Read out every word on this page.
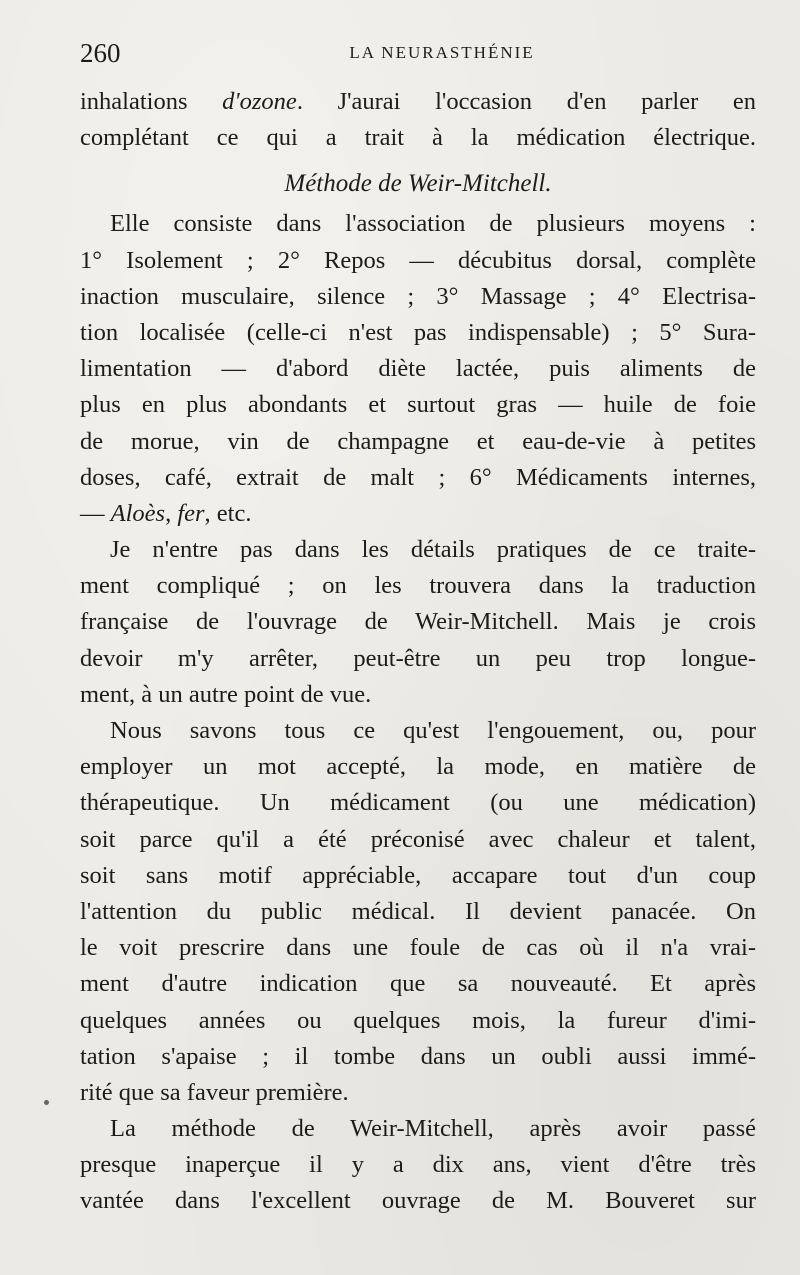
260	LA NEURASTHÉNIE
inhalations d'ozone. J'aurai l'occasion d'en parler en
complétant ce qui a trait à la médication électrique.
Méthode de Weir-Mitchell.
Elle consiste dans l'association de plusieurs moyens :
1° Isolement ; 2° Repos — décubitus dorsal, complète
inaction musculaire, silence ; 3° Massage ; 4° Electrisa-
tion localisée (celle-ci n'est pas indispensable) ; 5° Sura-
limentation — d'abord diète lactée, puis aliments de
plus en plus abondants et surtout gras — huile de foie
de morue, vin de champagne et eau-de-vie à petites
doses, café, extrait de malt ; 6° Médicaments internes,
— Aloès, fer, etc.
Je n'entre pas dans les détails pratiques de ce traite-
ment compliqué ; on les trouvera dans la traduction
française de l'ouvrage de Weir-Mitchell. Mais je crois
devoir m'y arrêter, peut-être un peu trop longue-
ment, à un autre point de vue.
Nous savons tous ce qu'est l'engouement, ou, pour
employer un mot accepté, la mode, en matière de
thérapeutique. Un médicament (ou une médication)
soit parce qu'il a été préconisé avec chaleur et talent,
soit sans motif appréciable, accapare tout d'un coup
l'attention du public médical. Il devient panacée. On
le voit prescrire dans une foule de cas où il n'a vrai-
ment d'autre indication que sa nouveauté. Et après
quelques années ou quelques mois, la fureur d'imi-
tation s'apaise ; il tombe dans un oubli aussi immé-
rité que sa faveur première.
La méthode de Weir-Mitchell, après avoir passé
presque inaperçue il y a dix ans, vient d'être très
vantée dans l'excellent ouvrage de M. Bouveret sur
